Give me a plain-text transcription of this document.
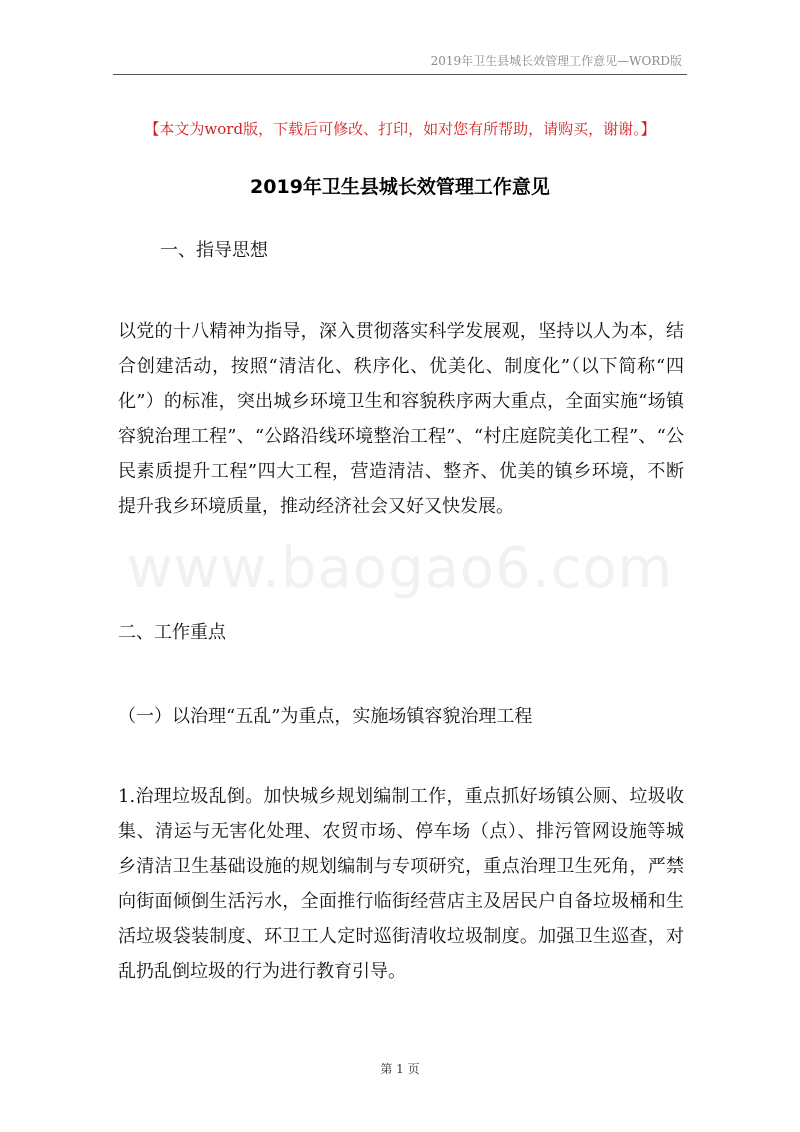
2019年卫生县城长效管理工作意见—WORD版
【本文为word版，下载后可修改、打印，如对您有所帮助，请购买，谢谢。】
2019年卫生县城长效管理工作意见
www.baogao6.com
一、指导思想

以党的十八精神为指导，深入贯彻落实科学发展观，坚持以人为本，结合创建活动，按照“清洁化、秩序化、优美化、制度化”（以下简称“四化”）的标准，突出城乡环境卫生和容貌秩序两大重点，全面实施“场镇容貌治理工程”、“公路沿线环境整治工程”、“村庄庭院美化工程”、“公民素质提升工程”四大工程，营造清洁、整齐、优美的镇乡环境，不断提升我乡环境质量，推动经济社会又好又快发展。

二、工作重点
（一）以治理“五乱”为重点，实施场镇容貌治理工程

1.治理垃圾乱倒。加快城乡规划编制工作，重点抓好场镇公厕、垃圾收集、清运与无害化处理、农贸市场、停车场（点）、排污管网设施等城乡清洁卫生基础设施的规划编制与专项研究，重点治理卫生死角，严禁向街面倾倒生活污水，全面推行临街经营店主及居民户自备垃圾桶和生活垃圾袋装制度、环卫工人定时巡街清收垃圾制度。加强卫生巡查，对乱扔乱倒垃圾的行为进行教育引导。

第 1 页
